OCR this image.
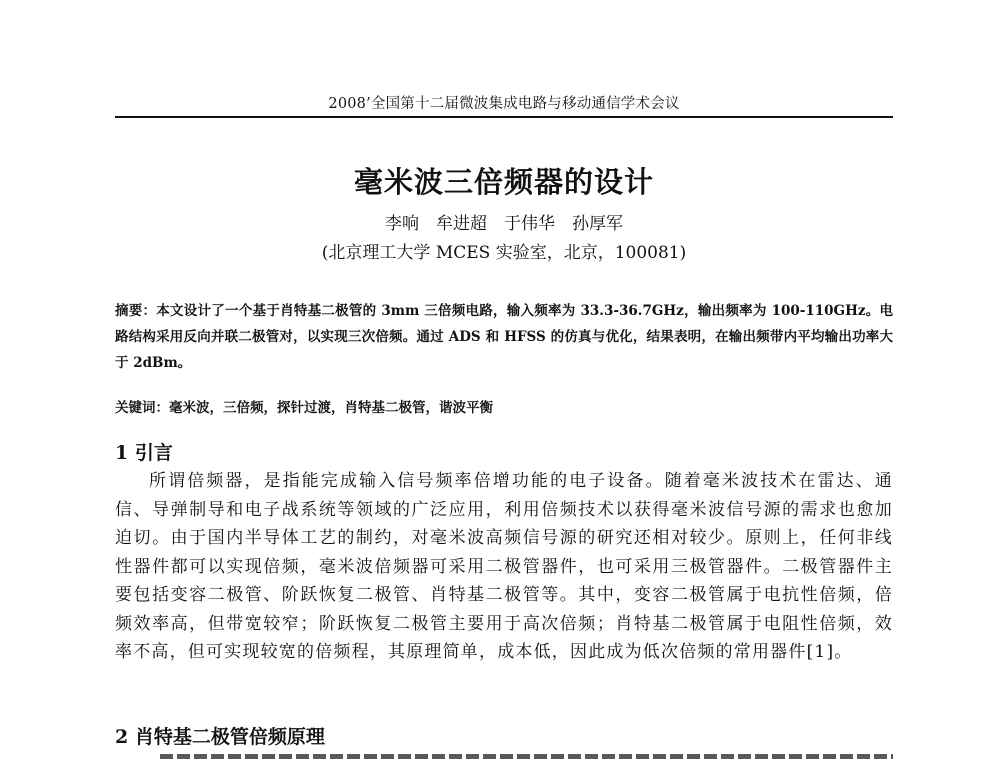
2008’全国第十二届微波集成电路与移动通信学术会议
毫米波三倍频器的设计
李响　牟进超　于伟华　孙厚军
(北京理工大学 MCES 实验室，北京，100081)
摘要：本文设计了一个基于肖特基二极管的 3mm 三倍频电路，输入频率为 33.3-36.7GHz，输出频率为 100-110GHz。电路结构采用反向并联二极管对，以实现三次倍频。通过 ADS 和 HFSS 的仿真与优化，结果表明，在输出频带内平均输出功率大于 2dBm。
关键词：毫米波，三倍频，探针过渡，肖特基二极管，谐波平衡
1 引言
所谓倍频器，是指能完成输入信号频率倍增功能的电子设备。随着毫米波技术在雷达、通信、导弹制导和电子战系统等领域的广泛应用，利用倍频技术以获得毫米波信号源的需求也愈加迫切。由于国内半导体工艺的制约，对毫米波高频信号源的研究还相对较少。原则上，任何非线性器件都可以实现倍频，毫米波倍频器可采用二极管器件，也可采用三极管器件。二极管器件主要包括变容二极管、阶跃恢复二极管、肖特基二极管等。其中，变容二极管属于电抗性倍频，倍频效率高，但带宽较窄；阶跃恢复二极管主要用于高次倍频；肖特基二极管属于电阻性倍频，效率不高，但可实现较宽的倍频程，其原理简单，成本低，因此成为低次倍频的常用器件[1]。
2 肖特基二极管倍频原理
